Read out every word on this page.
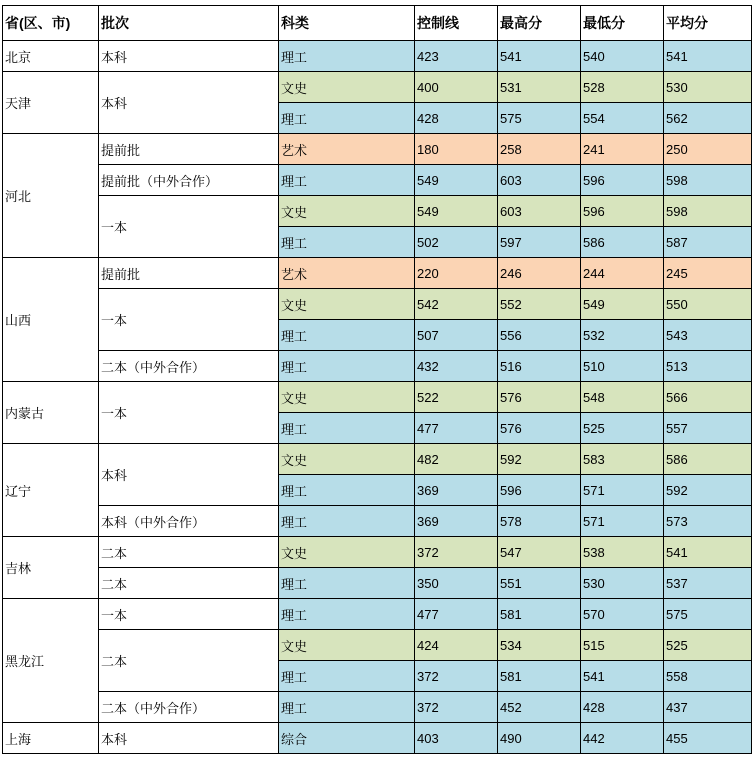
省(区、市)	批次	科类	控制线	最高分	最低分	平均分
北京	本科	理工	423	541	540	541
天津	本科	文史	400	531	528	530
		理工	428	575	554	562
河北	提前批	艺术	180	258	241	250
	提前批（中外合作）	理工	549	603	596	598
	一本	文史	549	603	596	598
		理工	502	597	586	587
山西	提前批	艺术	220	246	244	245
	一本	文史	542	552	549	550
		理工	507	556	532	543
	二本（中外合作）	理工	432	516	510	513
内蒙古	一本	文史	522	576	548	566
		理工	477	576	525	557
辽宁	本科	文史	482	592	583	586
		理工	369	596	571	592
	本科（中外合作）	理工	369	578	571	573
吉林	二本	文史	372	547	538	541
	二本	理工	350	551	530	537
黑龙江	一本	理工	477	581	570	575
	二本	文史	424	534	515	525
		理工	372	581	541	558
	二本（中外合作）	理工	372	452	428	437
上海	本科	综合	403	490	442	455
